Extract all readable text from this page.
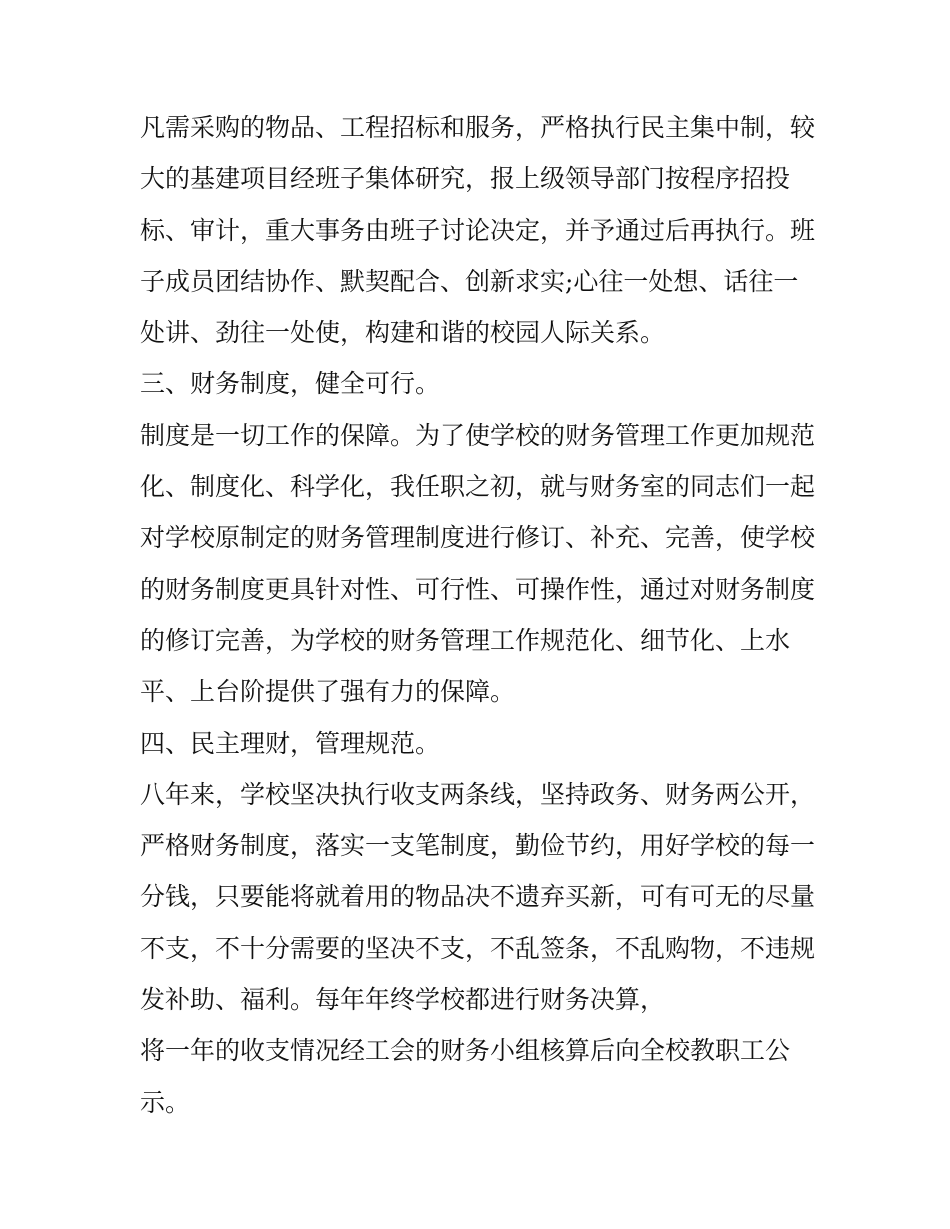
凡需采购的物品、工程招标和服务，严格执行民主集中制，较
大的基建项目经班子集体研究，报上级领导部门按程序招投
标、审计，重大事务由班子讨论决定，并予通过后再执行。班
子成员团结协作、默契配合、创新求实;心往一处想、话往一
处讲、劲往一处使，构建和谐的校园人际关系。
三、财务制度，健全可行。
制度是一切工作的保障。为了使学校的财务管理工作更加规范
化、制度化、科学化，我任职之初，就与财务室的同志们一起
对学校原制定的财务管理制度进行修订、补充、完善，使学校
的财务制度更具针对性、可行性、可操作性，通过对财务制度
的修订完善，为学校的财务管理工作规范化、细节化、上水
平、上台阶提供了强有力的保障。
四、民主理财，管理规范。
八年来，学校坚决执行收支两条线，坚持政务、财务两公开，
严格财务制度，落实一支笔制度，勤俭节约，用好学校的每一
分钱，只要能将就着用的物品决不遗弃买新，可有可无的尽量
不支，不十分需要的坚决不支，不乱签条，不乱购物，不违规
发补助、福利。每年年终学校都进行财务决算，
将一年的收支情况经工会的财务小组核算后向全校教职工公
示。
